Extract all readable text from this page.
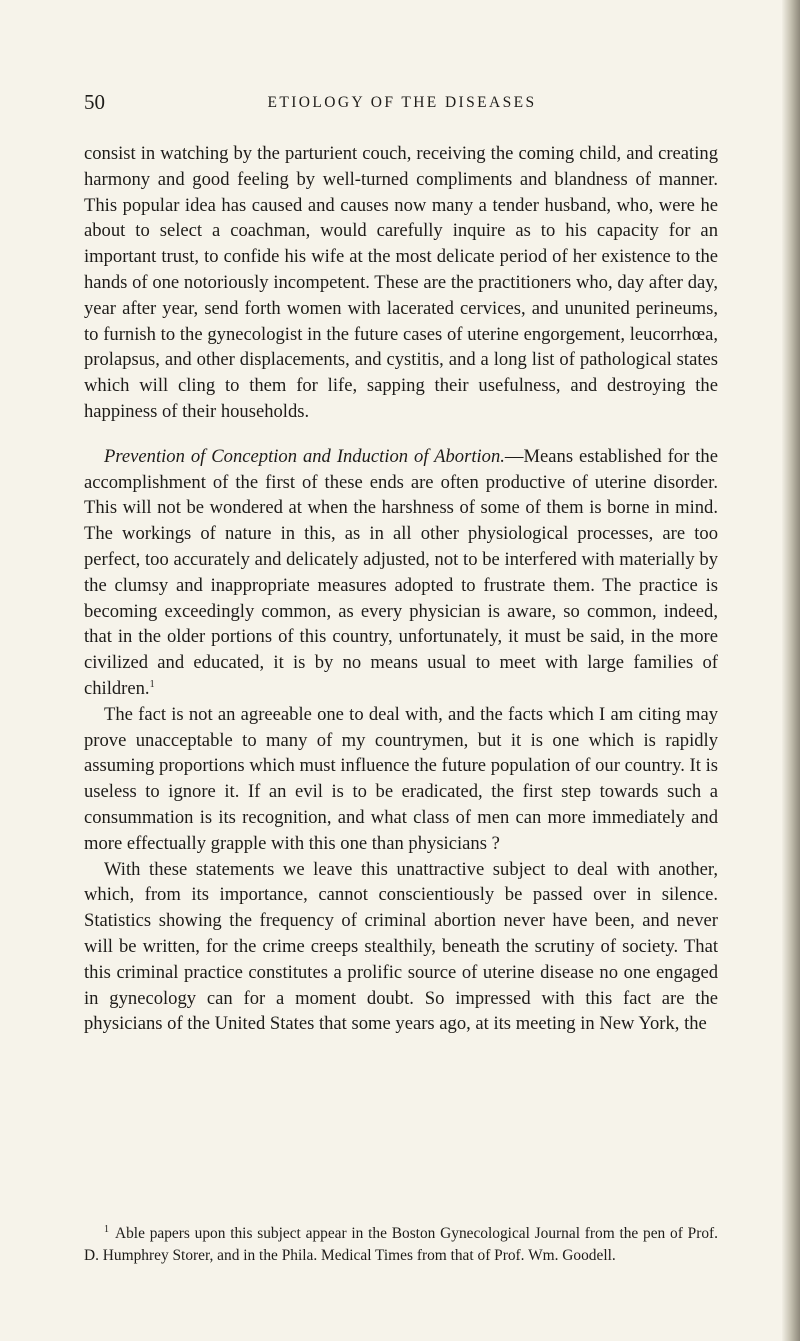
50	ETIOLOGY OF THE DISEASES

consist in watching by the parturient couch, receiving the coming child, and creating harmony and good feeling by well-turned compliments and blandness of manner. This popular idea has caused and causes now many a tender husband, who, were he about to select a coachman, would carefully inquire as to his capacity for an important trust, to confide his wife at the most delicate period of her existence to the hands of one notoriously incompetent. These are the practitioners who, day after day, year after year, send forth women with lacerated cervices, and ununited perineums, to furnish to the gynecologist in the future cases of uterine engorgement, leucorrhœa, prolapsus, and other displacements, and cystitis, and a long list of pathological states which will cling to them for life, sapping their usefulness, and destroying the happiness of their households.

Prevention of Conception and Induction of Abortion.—Means established for the accomplishment of the first of these ends are often productive of uterine disorder. This will not be wondered at when the harshness of some of them is borne in mind. The workings of nature in this, as in all other physiological processes, are too perfect, too accurately and delicately adjusted, not to be interfered with materially by the clumsy and inappropriate measures adopted to frustrate them. The practice is becoming exceedingly common, as every physician is aware, so common, indeed, that in the older portions of this country, unfortunately, it must be said, in the more civilized and educated, it is by no means usual to meet with large families of children.$^1$

The fact is not an agreeable one to deal with, and the facts which I am citing may prove unacceptable to many of my countrymen, but it is one which is rapidly assuming proportions which must influence the future population of our country. It is useless to ignore it. If an evil is to be eradicated, the first step towards such a consummation is its recognition, and what class of men can more immediately and more effectually grapple with this one than physicians ?

With these statements we leave this unattractive subject to deal with another, which, from its importance, cannot conscientiously be passed over in silence. Statistics showing the frequency of criminal abortion never have been, and never will be written, for the crime creeps stealthily, beneath the scrutiny of society. That this criminal practice constitutes a prolific source of uterine disease no one engaged in gynecology can for a moment doubt. So impressed with this fact are the physicians of the United States that some years ago, at its meeting in New York, the

$^1$ Able papers upon this subject appear in the Boston Gynecological Journal from the pen of Prof. D. Humphrey Storer, and in the Phila. Medical Times from that of Prof. Wm. Goodell.
